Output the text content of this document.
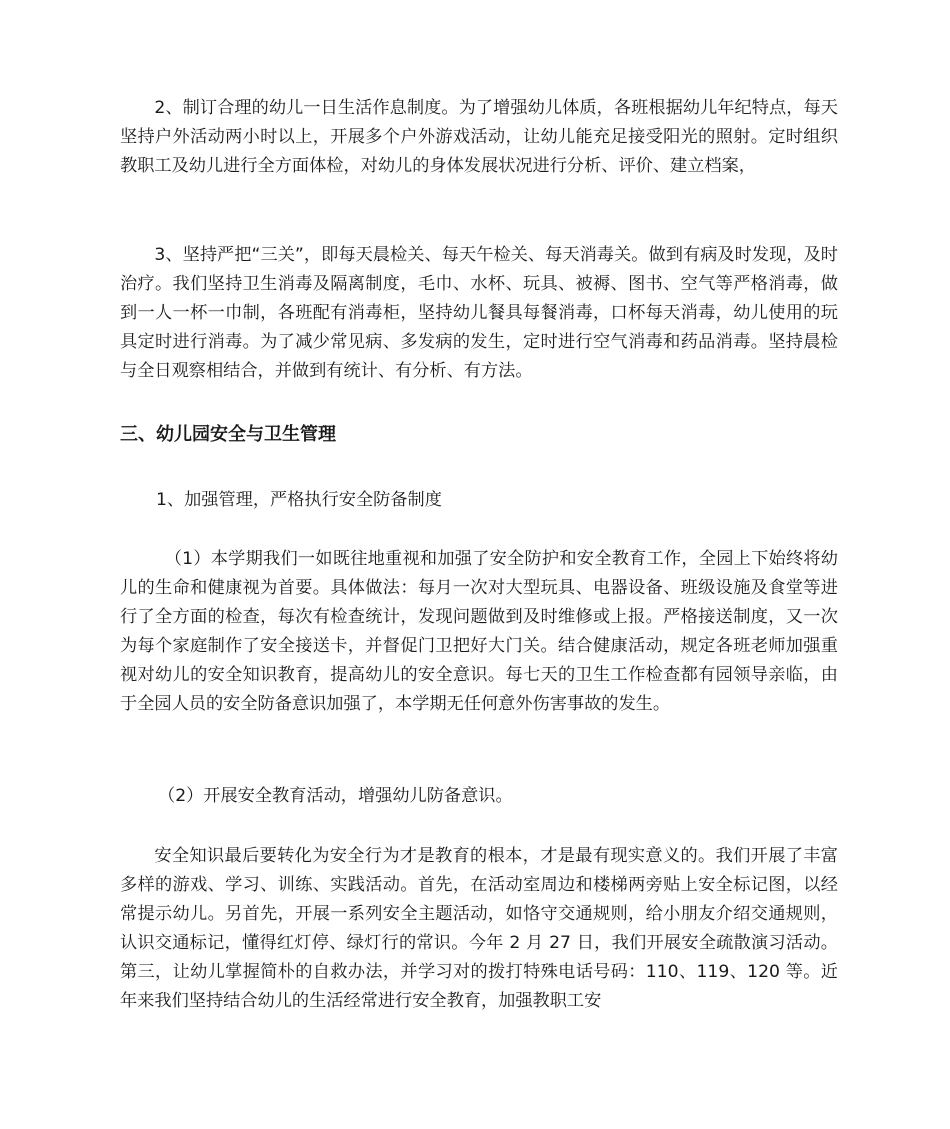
2、制订合理的幼儿一日生活作息制度。为了增强幼儿体质，各班根据幼儿年纪特点，每天坚持户外活动两小时以上，开展多个户外游戏活动，让幼儿能充足接受阳光的照射。定时组织教职工及幼儿进行全方面体检，对幼儿的身体发展状况进行分析、评价、建立档案，

3、坚持严把“三关”，即每天晨检关、每天午检关、每天消毒关。做到有病及时发现，及时治疗。我们坚持卫生消毒及隔离制度，毛巾、水杯、玩具、被褥、图书、空气等严格消毒，做到一人一杯一巾制，各班配有消毒柜，坚持幼儿餐具每餐消毒，口杯每天消毒，幼儿使用的玩具定时进行消毒。为了减少常见病、多发病的发生，定时进行空气消毒和药品消毒。坚持晨检与全日观察相结合，并做到有统计、有分析、有方法。

三、幼儿园安全与卫生管理

1、加强管理，严格执行安全防备制度

（1）本学期我们一如既往地重视和加强了安全防护和安全教育工作，全园上下始终将幼儿的生命和健康视为首要。具体做法：每月一次对大型玩具、电器设备、班级设施及食堂等进行了全方面的检查，每次有检查统计，发现问题做到及时维修或上报。严格接送制度，又一次为每个家庭制作了安全接送卡，并督促门卫把好大门关。结合健康活动，规定各班老师加强重视对幼儿的安全知识教育，提高幼儿的安全意识。每七天的卫生工作检查都有园领导亲临，由于全园人员的安全防备意识加强了，本学期无任何意外伤害事故的发生。

（2）开展安全教育活动，增强幼儿防备意识。

安全知识最后要转化为安全行为才是教育的根本，才是最有现实意义的。我们开展了丰富多样的游戏、学习、训练、实践活动。首先，在活动室周边和楼梯两旁贴上安全标记图，以经常提示幼儿。另首先，开展一系列安全主题活动，如恪守交通规则，给小朋友介绍交通规则，认识交通标记，懂得红灯停、绿灯行的常识。今年 2 月 27 日，我们开展安全疏散演习活动。第三，让幼儿掌握简朴的自救办法，并学习对的拨打特殊电话号码：110、119、120 等。近年来我们坚持结合幼儿的生活经常进行安全教育，加强教职工安
